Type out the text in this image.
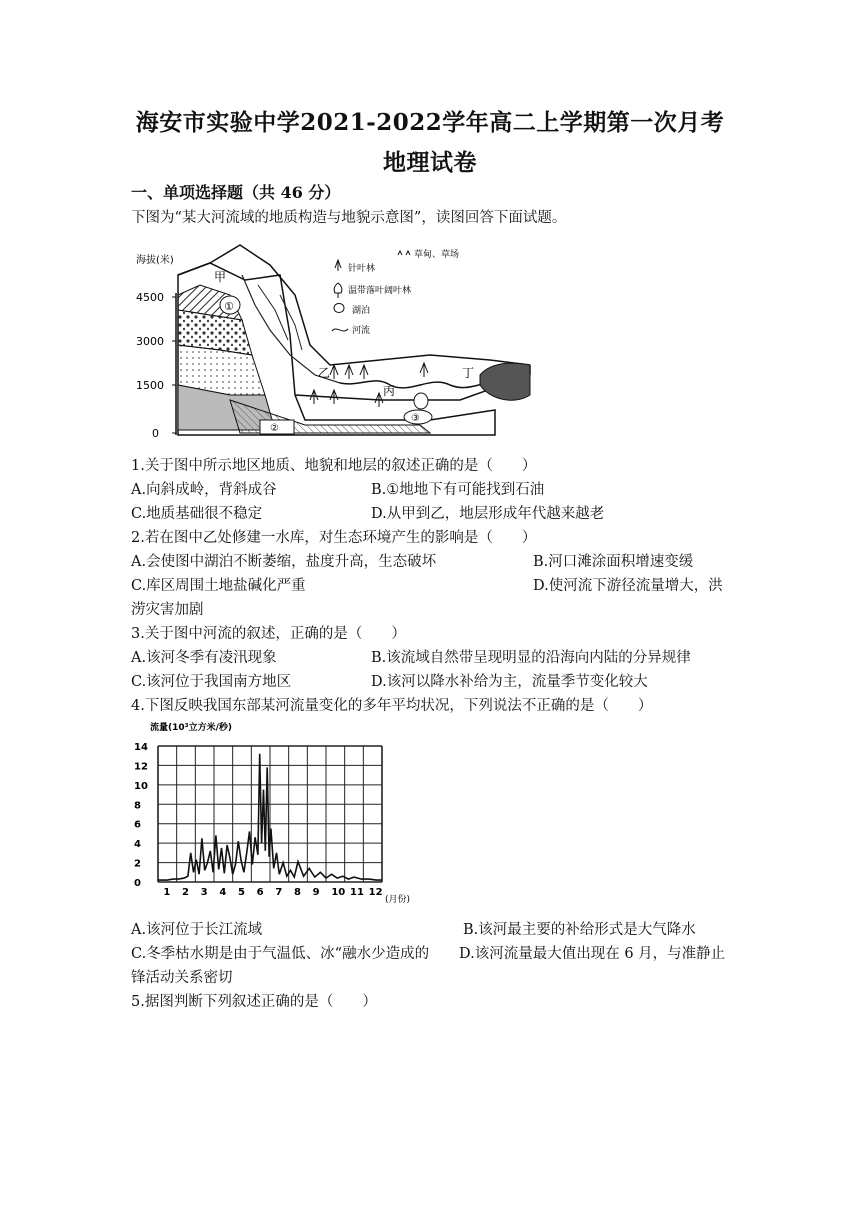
海安市实验中学2021-2022学年高二上学期第一次月考
地理试卷
一、单项选择题（共 46 分）
下图为“某大河流域的地质构造与地貌示意图”，读图回答下面试题。
海拔(米)
4500
3000
1500
0
①
③
②
甲
乙
丙
丁
针叶林
温带落叶阔叶林
湖泊
河流
草甸、草场
1.关于图中所示地区地质、地貌和地层的叙述正确的是（　　）
A.向斜成岭，背斜成谷	B.①地地下有可能找到石油
C.地质基础很不稳定	D.从甲到乙，地层形成年代越来越老
2.若在图中乙处修建一水库，对生态环境产生的影响是（　　）
A.会使图中湖泊不断萎缩，盐度升高，生态破坏	B.河口滩涂面积增速变缓
C.库区周围土地盐碱化严重	D.使河流下游径流量增大，洪
涝灾害加剧
3.关于图中河流的叙述，正确的是（　　）
A.该河冬季有凌汛现象	B.该流域自然带呈现明显的沿海向内陆的分异规律
C.该河位于我国南方地区	D.该河以降水补给为主，流量季节变化较大
4.下图反映我国东部某河流量变化的多年平均状况，下列说法不正确的是（　　）
流量(10³立方米/秒)
14
12
10
8
6
4
2
0
1 2 3 4 5 6 7 8 9 10 11 12
(月份)
A.该河位于长江流域	B.该河最主要的补给形式是大气降水
C.冬季枯水期是由于气温低、冰“融水少造成的 D.该河流量最大值出现在 6 月，与准静止
锋活动关系密切
5.据图判断下列叙述正确的是（　　）
